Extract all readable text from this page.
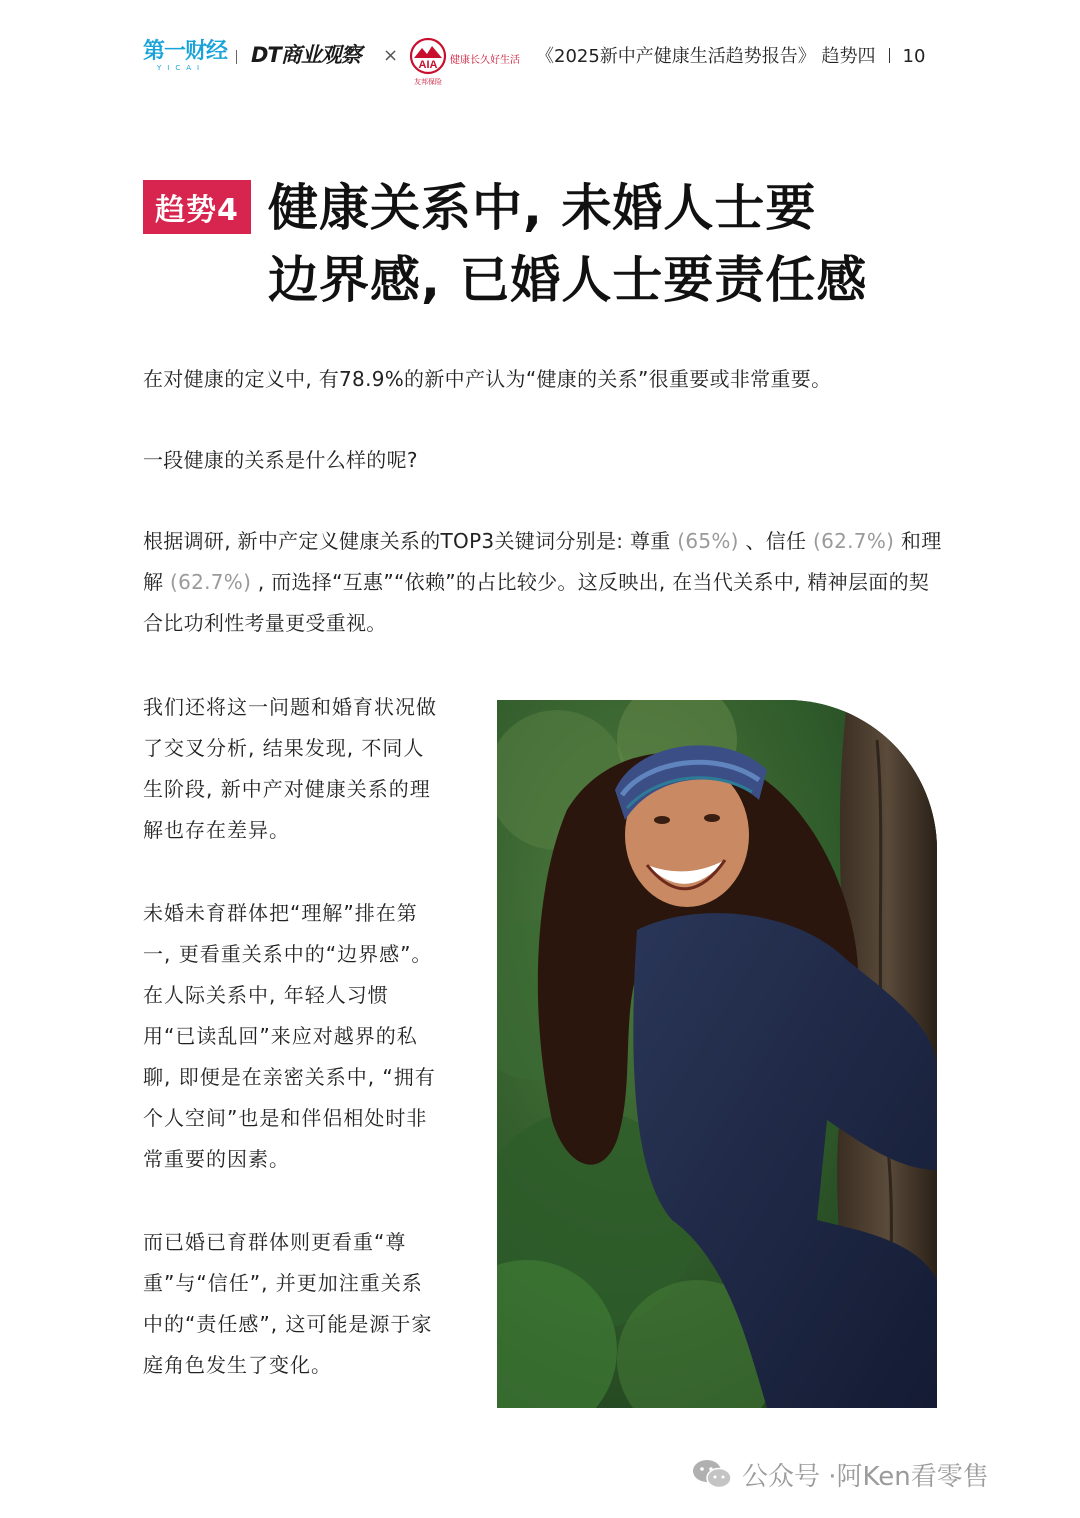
第一财经
YICAI
DT商业观察 × AIA
友邦保险
健康长久好生活 《2025新中产健康生活趋势报告》 趋势四 10
趋势4 健康关系中, 未婚人士要
边界感, 已婚人士要责任感

在对健康的定义中, 有78.9%的新中产认为“健康的关系”很重要或非常重要。

一段健康的关系是什么样的呢?

根据调研, 新中产定义健康关系的TOP3关键词分别是: 尊重 (65%) 、信任 (62.7%) 和理解 (62.7%) , 而选择“互惠”“依赖”的占比较少。这反映出, 在当代关系中, 精神层面的契合比功利性考量更受重视。

我们还将这一问题和婚育状况做了交叉分析, 结果发现, 不同人生阶段, 新中产对健康关系的理解也存在差异。

未婚未育群体把“理解”排在第一, 更看重关系中的“边界感”。在人际关系中, 年轻人习惯用“已读乱回”来应对越界的私聊, 即便是在亲密关系中, “拥有个人空间”也是和伴侣相处时非常重要的因素。

而已婚已育群体则更看重“尊重”与“信任”, 并更加注重关系中的“责任感”, 这可能是源于家庭角色发生了变化。

公众号 · 阿Ken看零售
